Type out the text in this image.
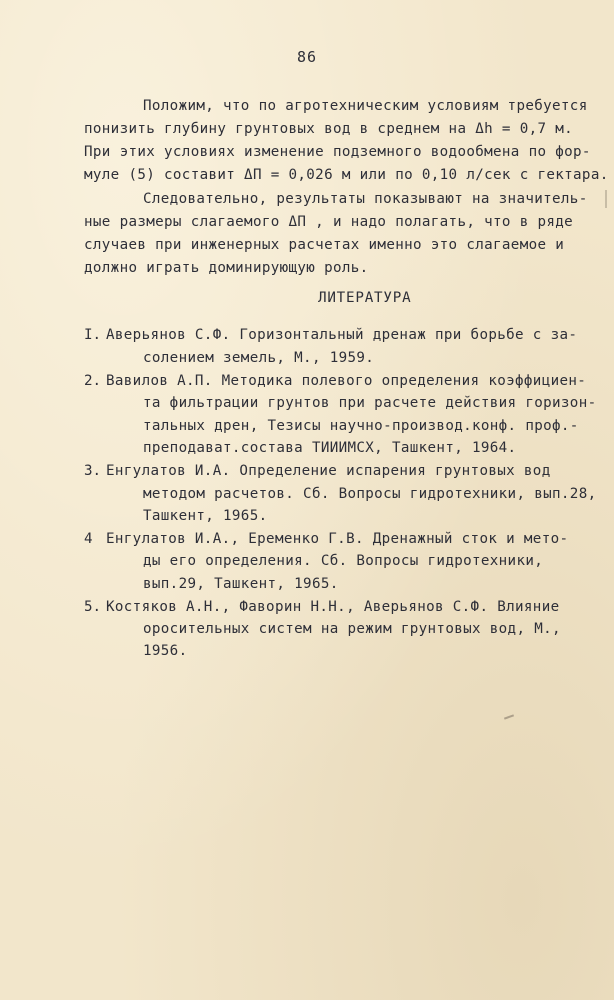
86
Положим, что по агротехническим условиям требуется
понизить глубину грунтовых вод в среднем на Δh = 0,7 м.
При этих условиях изменение подземного водообмена по фор-
муле (5) составит ΔП = 0,026 м или по 0,10 л/сек с гектара.
Следовательно, результаты показывают на значитель-
ные размеры слагаемого ΔП , и надо полагать, что в ряде
случаев при инженерных расчетах именно это слагаемое и
должно играть доминирующую роль.
ЛИТЕРАТУРА
I. Аверьянов С.Ф. Горизонтальный дренаж при борьбе с за-
солением земель, М., 1959.
2. Вавилов А.П. Методика полевого определения коэффициен-
та фильтрации грунтов при расчете действия горизон-
тальных дрен, Тезисы научно-производ.конф. проф.-
преподават.состава ТИИИМСХ, Ташкент, 1964.
3. Енгулатов И.А. Определение испарения грунтовых вод
методом расчетов. Сб. Вопросы гидротехники, вып.28,
Ташкент, 1965.
4 Енгулатов И.А., Еременко Г.В. Дренажный сток и мето-
ды его определения. Сб. Вопросы гидротехники,
вып.29, Ташкент, 1965.
5. Костяков А.Н., Фаворин Н.Н., Аверьянов С.Ф. Влияние
оросительных систем на режим грунтовых вод, М.,
1956.
